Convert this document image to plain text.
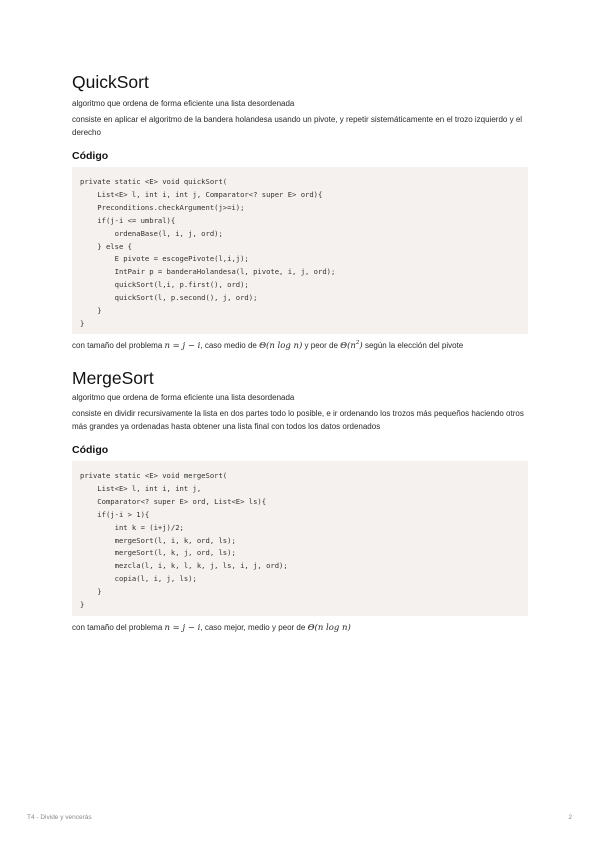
QuickSort

algoritmo que ordena de forma eficiente una lista desordenada

consiste en aplicar el algoritmo de la bandera holandesa usando un pivote, y repetir sistemáticamente en el trozo izquierdo y el derecho

Código
private static <E> void quickSort(
List<E> l, int i, int j, Comparator<? super E> ord){
Preconditions.checkArgument(j>=i);
if(j-i <= umbral){
ordenaBase(l, i, j, ord);
} else {
E pivote = escogePivote(l,i,j);
IntPair p = banderaHolandesa(l, pivote, i, j, ord);
quickSort(l,i, p.first(), ord);
quickSort(l, p.second(), j, ord);
}
}

con tamaño del problema n = j − i, caso medio de Θ(n log n) y peor de $\Theta(n^2)$ según la elección del pivote

MergeSort

algoritmo que ordena de forma eficiente una lista desordenada

consiste en dividir recursivamente la lista en dos partes todo lo posible, e ir ordenando los trozos más pequeños haciendo otros más grandes ya ordenadas hasta obtener una lista final con todos los datos ordenados

Código
private static <E> void mergeSort(
List<E> l, int i, int j,
Comparator<? super E> ord, List<E> ls){
if(j-i > 1){
int k = (i+j)/2;
mergeSort(l, i, k, ord, ls);
mergeSort(l, k, j, ord, ls);
mezcla(l, i, k, l, k, j, ls, i, j, ord);
copia(l, i, j, ls);
}
}

con tamaño del problema n = j − i, caso mejor, medio y peor de Θ(n log n)

T4 - Divide y vencerás	2
